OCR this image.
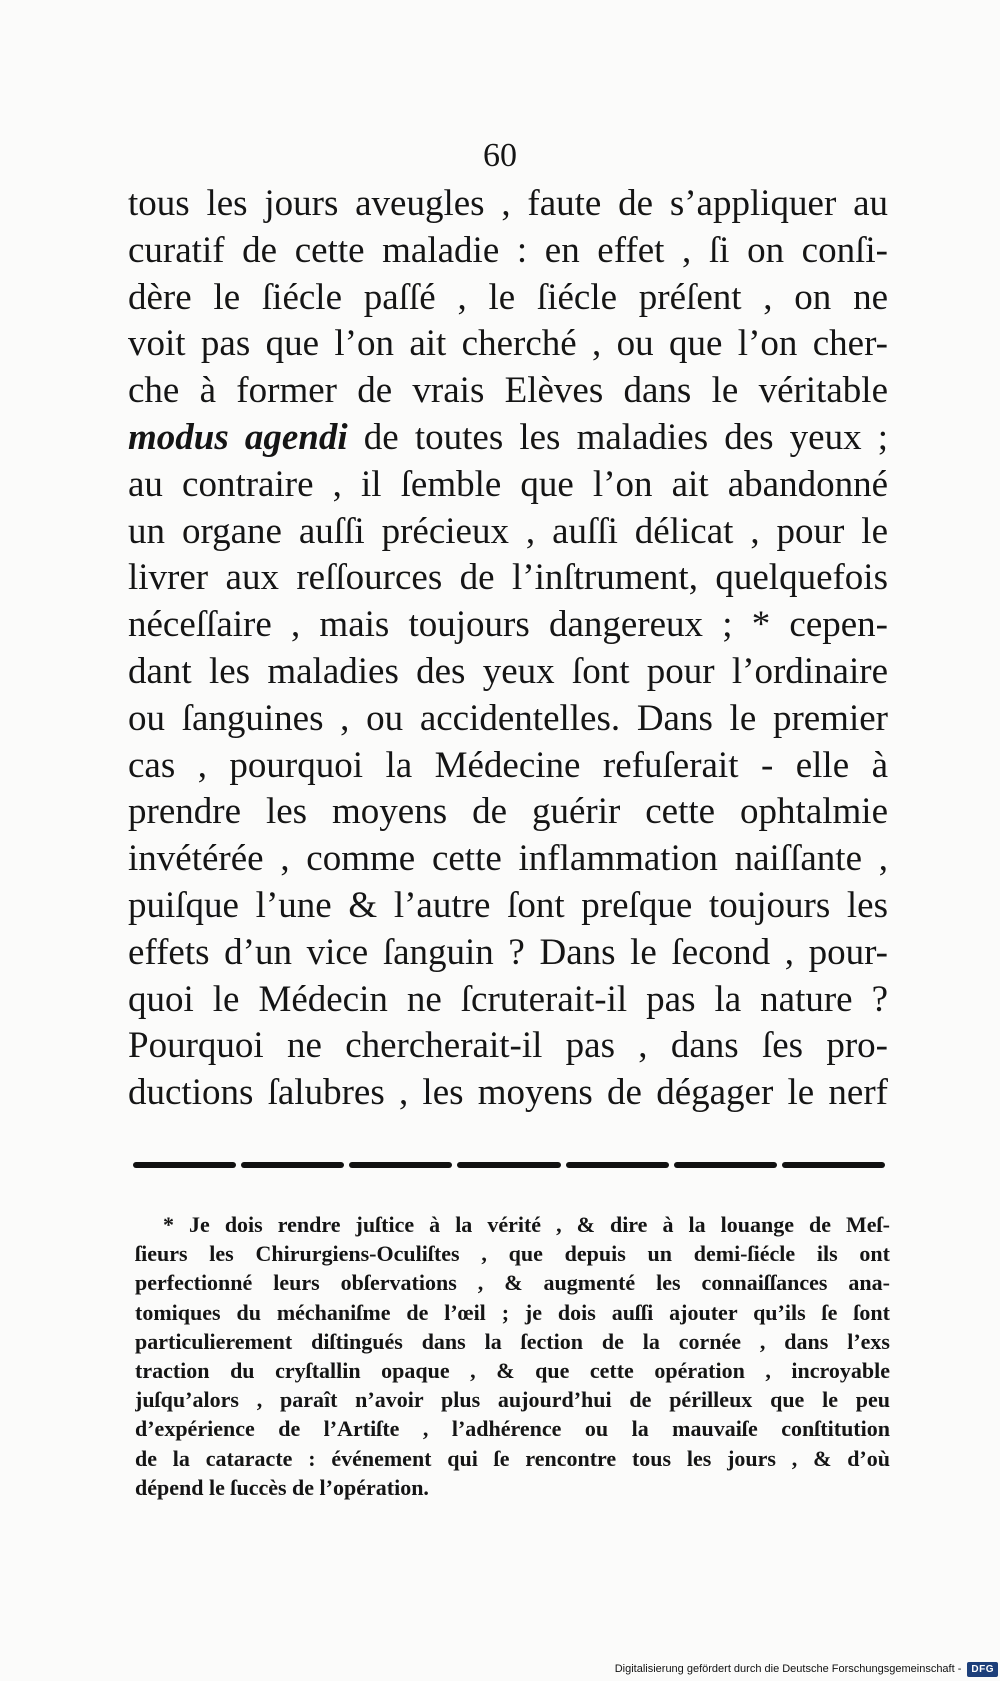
60
tous les jours aveugles , faute de s’appliquer au
curatif de cette maladie : en effet , ſi on conſi-
dère le ſiécle paſſé , le ſiécle préſent , on ne
voit pas que l’on ait cherché , ou que l’on cher-
che à former de vrais Elèves dans le véritable
modus agendi de toutes les maladies des yeux ;
au contraire , il ſemble que l’on ait abandonné
un organe auſſi précieux , auſſi délicat , pour le
livrer aux reſſources de l’inſtrument, quelquefois
néceſſaire , mais toujours dangereux ; * cepen-
dant les maladies des yeux ſont pour l’ordinaire
ou ſanguines , ou accidentelles. Dans le premier
cas , pourquoi la Médecine refuſerait - elle à
prendre les moyens de guérir cette ophtalmie
invétérée , comme cette inflammation naiſſante ,
puiſque l’une & l’autre ſont preſque toujours les
effets d’un vice ſanguin ? Dans le ſecond , pour-
quoi le Médecin ne ſcruterait-il pas la nature ?
Pourquoi ne chercherait-il pas , dans ſes pro-
ductions ſalubres , les moyens de dégager le nerf
* Je dois rendre juſtice à la vérité , & dire à la louange de Meſ-
ſieurs les Chirurgiens-Oculiſtes , que depuis un demi-ſiécle ils ont
perfectionné leurs obſervations , & augmenté les connaiſſances ana-
tomiques du méchaniſme de l’œil ; je dois auſſi ajouter qu’ils ſe ſont
particulierement diſtingués dans la ſection de la cornée , dans l’exs
traction du cryſtallin opaque , & que cette opération , incroyable
juſqu’alors , paraît n’avoir plus aujourd’hui de périlleux que le peu
d’expérience de l’Artiſte , l’adhérence ou la mauvaiſe conſtitution
de la cataracte : événement qui ſe rencontre tous les jours , & d’où
dépend le ſuccès de l’opération.
Digitalisierung gefördert durch die Deutsche Forschungsgemeinschaft -	DFG
